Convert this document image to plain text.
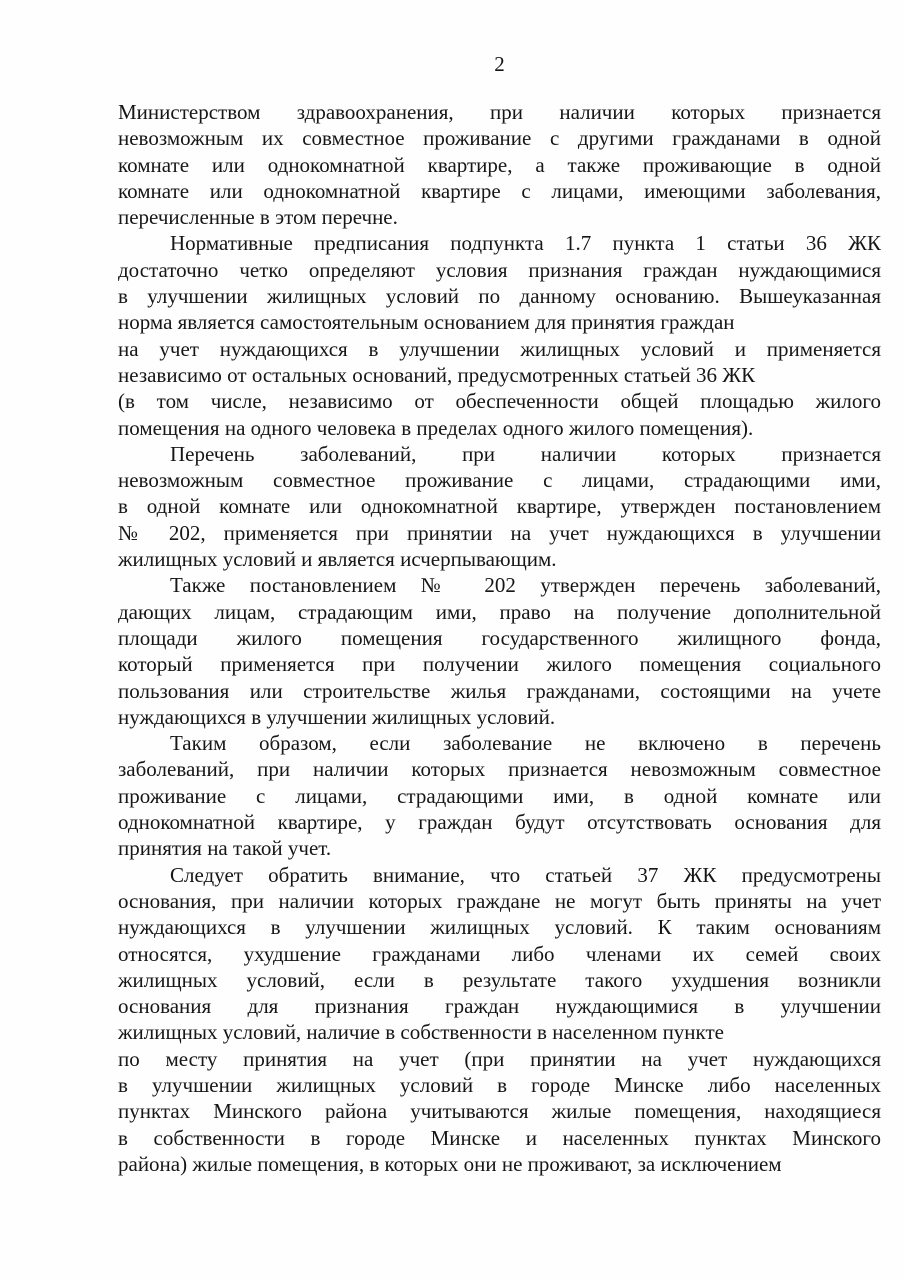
2

Министерством здравоохранения, при наличии которых признается
невозможным их совместное проживание с другими гражданами в одной
комнате или однокомнатной квартире, а также проживающие в одной
комнате или однокомнатной квартире с лицами, имеющими заболевания,
перечисленные в этом перечне.

Нормативные предписания подпункта 1.7 пункта 1 статьи 36 ЖК
достаточно четко определяют условия признания граждан нуждающимися
в улучшении жилищных условий по данному основанию. Вышеуказанная
норма является самостоятельным основанием для принятия граждан
на учет нуждающихся в улучшении жилищных условий и применяется
независимо от остальных оснований, предусмотренных статьей 36 ЖК
(в том числе, независимо от обеспеченности общей площадью жилого
помещения на одного человека в пределах одного жилого помещения).

Перечень заболеваний, при наличии которых признается
невозможным совместное проживание с лицами, страдающими ими,
в одной комнате или однокомнатной квартире, утвержден постановлением
№ 202, применяется при принятии на учет нуждающихся в улучшении
жилищных условий и является исчерпывающим.

Также постановлением № 202 утвержден перечень заболеваний,
дающих лицам, страдающим ими, право на получение дополнительной
площади жилого помещения государственного жилищного фонда,
который применяется при получении жилого помещения социального
пользования или строительстве жилья гражданами, состоящими на учете
нуждающихся в улучшении жилищных условий.

Таким образом, если заболевание не включено в перечень
заболеваний, при наличии которых признается невозможным совместное
проживание с лицами, страдающими ими, в одной комнате или
однокомнатной квартире, у граждан будут отсутствовать основания для
принятия на такой учет.

Следует обратить внимание, что статьей 37 ЖК предусмотрены
основания, при наличии которых граждане не могут быть приняты на учет
нуждающихся в улучшении жилищных условий. К таким основаниям
относятся, ухудшение гражданами либо членами их семей своих
жилищных условий, если в результате такого ухудшения возникли
основания для признания граждан нуждающимися в улучшении
жилищных условий, наличие в собственности в населенном пункте
по месту принятия на учет (при принятии на учет нуждающихся
в улучшении жилищных условий в городе Минске либо населенных
пунктах Минского района учитываются жилые помещения, находящиеся
в собственности в городе Минске и населенных пунктах Минского
района) жилые помещения, в которых они не проживают, за исключением
